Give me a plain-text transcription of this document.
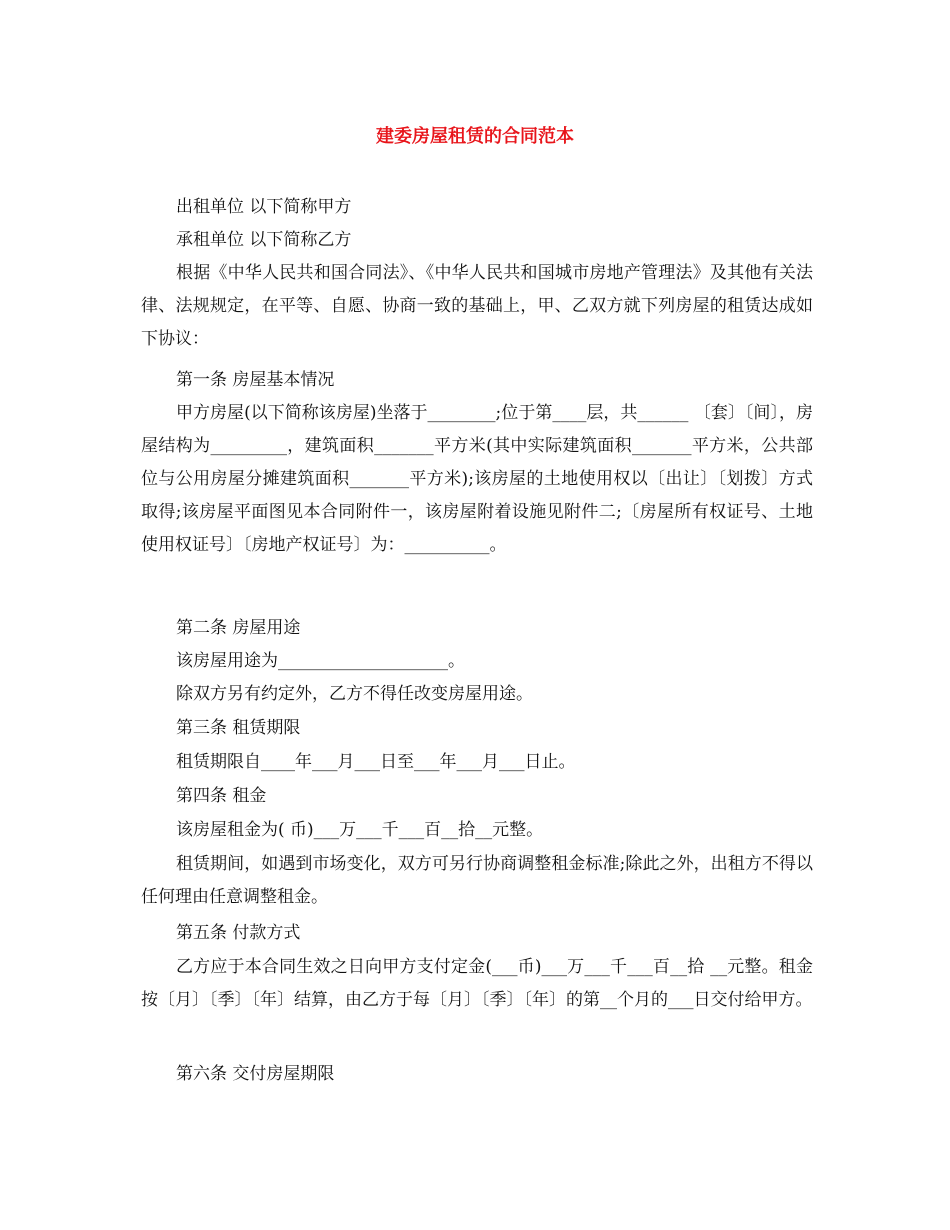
建委房屋租赁的合同范本

出租单位 以下简称甲方

承租单位 以下简称乙方

根据《中华人民共和国合同法》、《中华人民共和国城市房地产管理法》及其他有关法律、法规规定，在平等、自愿、协商一致的基础上，甲、乙双方就下列房屋的租赁达成如下协议：

第一条 房屋基本情况

甲方房屋(以下简称该房屋)坐落于________;位于第____层，共______ 〔套〕〔间〕，房屋结构为_________，建筑面积_______平方米(其中实际建筑面积_______平方米，公共部位与公用房屋分摊建筑面积_______平方米);该房屋的土地使用权以〔出让〕〔划拨〕方式取得;该房屋平面图见本合同附件一，该房屋附着设施见附件二;〔房屋所有权证号、土地使用权证号〕〔房地产权证号〕为：__________。

第二条 房屋用途

该房屋用途为____________________。

除双方另有约定外，乙方不得任改变房屋用途。

第三条 租赁期限

租赁期限自____年___月___日至___年___月___日止。

第四条 租金

该房屋租金为( 币)___万___千___百__拾__元整。

租赁期间，如遇到市场变化，双方可另行协商调整租金标准;除此之外，出租方不得以任何理由任意调整租金。

第五条 付款方式

乙方应于本合同生效之日向甲方支付定金(___币)___万___千___百__拾 __元整。租金按〔月〕〔季〕〔年〕结算，由乙方于每〔月〕〔季〕〔年〕的第__个月的___日交付给甲方。

第六条 交付房屋期限
